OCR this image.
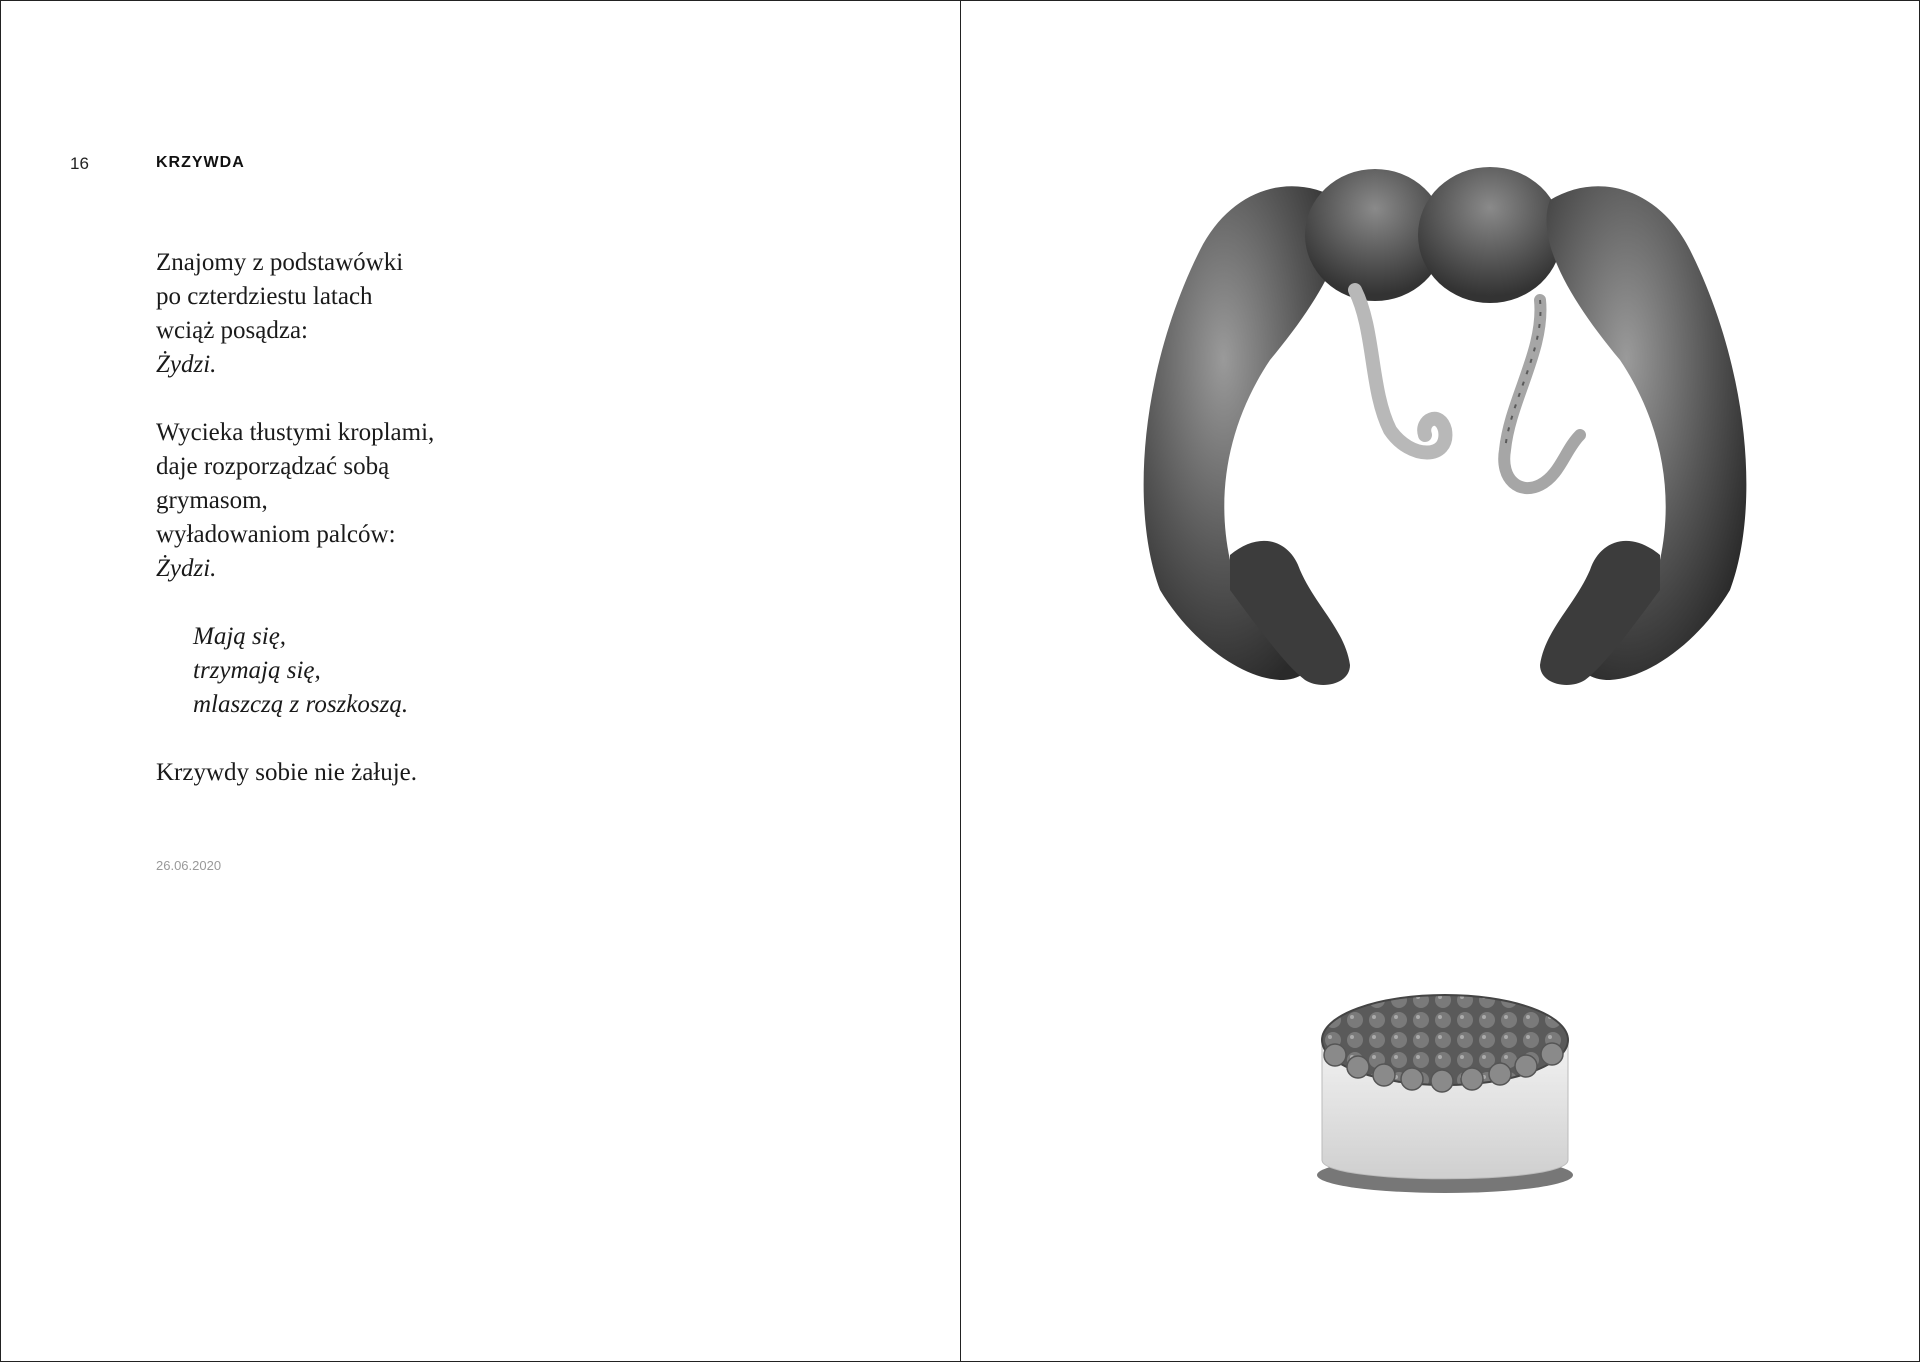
16	KRZYWDA
Znajomy z podstawówki
po czterdziestu latach
wciąż posądza:
Żydzi.
Wycieka tłustymi kroplami,
daje rozporządzać sobą
grymasom,
wyładowaniom palców:
Żydzi.
Mają się,
trzymają się,
mlaszczą z roszkoszą.
Krzywdy sobie nie żałuje.
26.06.2020
